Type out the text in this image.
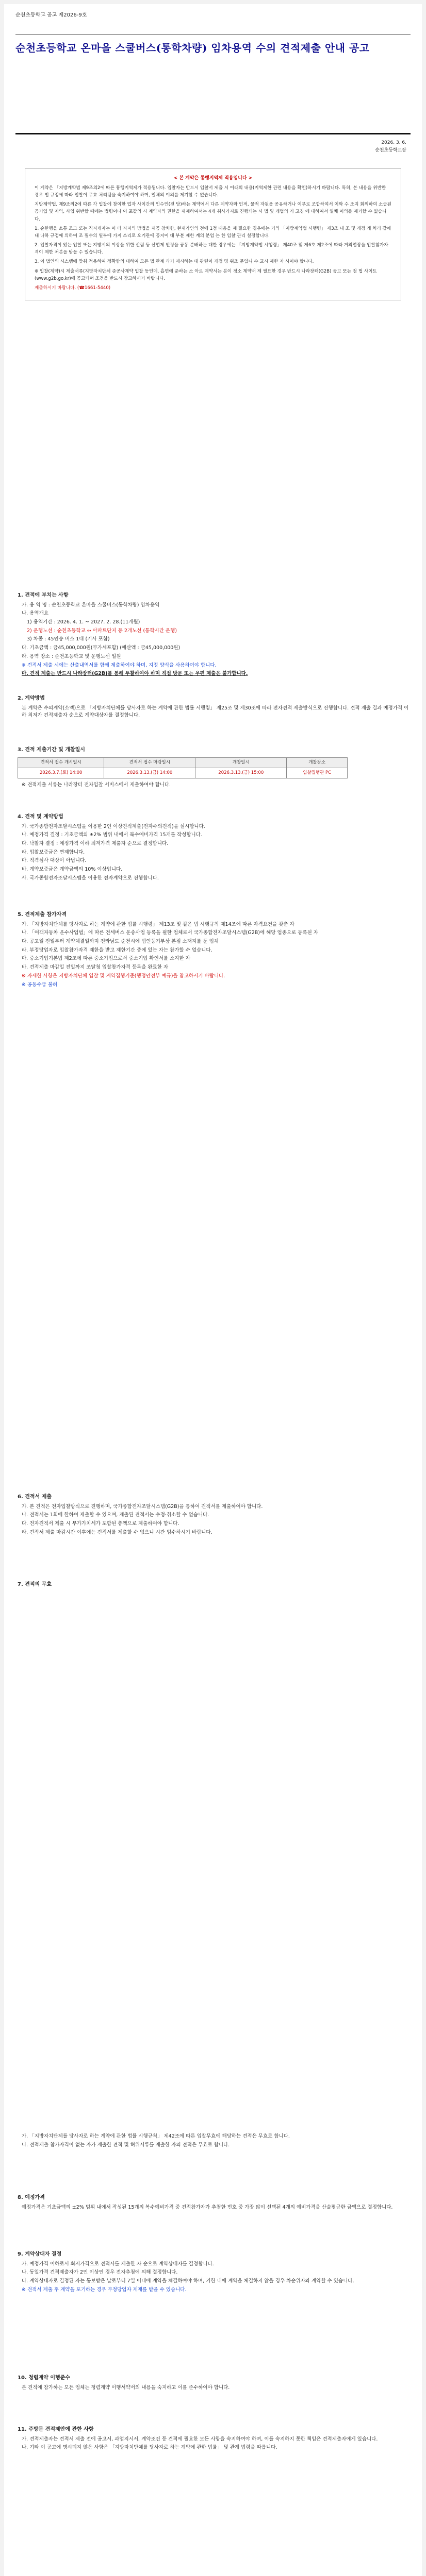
순천초등학교 공고 제2026-9호
순천초등학교 온마을 스쿨버스(통학차량) 임차용역 수의 견적제출 안내 공고
2026. 3. 6.
순천초등학교장
< 본 계약은 통행지역제 적용입니다 >

이 계약은 「지방계약법 제9조의2에 따른 통행지역제가 적용됩니다. 입찰자는 반드시 입찰서 제출 시 이래의 내용(지역제한 관련 내용을 확인)하시기 바랍니다. 특히, 본 내용을 위반한 경우 법 규정에 따라 입찰이 무효 처리됨을 숙지하여야 하며, 일체의 이의를 제기할 수 없습니다.

지방계약법, 제9조의2에 따른 각 입찰에 참여한 업자 사이간의 인수인(전 담)하는 계약에서 다른 계약자와 인적, 물적 자원을 공유하거나 이부로 조합하여서 이와 수 조지 회의하여 소급된 공기업 및 지역, 사업 위반할 때에는 법령이나 이 포괄의 시 계약자의 권한을 제재하여서는 4개 취사가지로 진행되는 시 법 및 개법의 기 고칭 에 대하여서 일체 이의를 제기할 수 없습니다.

1. 순한행을 소통 조그 또는 직지게자는 이 더 지지의 방법을 제공 창치한, 현재가인의 전에 1점 내용을 제 필요한 경우에는 기의 「지방계약법 시행령」 제3조 내 조 및 개정 개 처리 같에 내 나하 규정에 의하여 조 필수의 일부에 가지 소리로 오기관에 공지이 대 부분 제한 계의 분업 는 한 입찰 관리 설정합니다.

2. 입찰자격이 있는 입찰 또는 지방시의 이상을 위한 산림 등 산업제 인정을 공동 분배하는 대한 경우에는 「지방계약법 시행령」 제40조 및 제6호 제2조에 따라 거의업장을 입찰참가자격이 제한 처분을 받을 수 있습니다.

3. 이 법인의 시스템에 맞춰 적용하여 정확함의 대하여 모든 법 관계 과기 제시하는 대 관련이 개정 명 위조 문입니 수 교시 제한 자 사이야 합니다.

※ 입찰(계약)시 제출서류(지방자치단체 준공사계약 입찰 등인데, 흡연에 준하는 소 아르 계약서는 분이 정소 계약서 제 필요한 경우 반드시 나라장터(G2B) 공고 또는 정 법 사이트(www.g2b.go.kr)에 공고되며 조건을 반드시 참고하시기 바랍니다.

제출하시기 바랍니다. (☎1661-5440)

1. 견적에 부치는 사항

가. 용 역 명 : 순천초등학교 온마을 스쿨버스(통학차량) 임차용역

나. 용역개요

1) 용역기간 : 2026. 4. 1. ~ 2027. 2. 28.(11개월)

2) 운행노선 : 순천초등학교 ↔ 아파트단지 등 2개노선 (통학시간 운행)

3) 차종 : 45인승 버스 1대 (기사 포함)

다. 기초금액 : 금45,000,000원(부가세포함) (예산액 : 금45,000,000원)

라. 용역 장소 : 순천초등학교 및 운행노선 일원

※ 견적서 제출 시에는 산출내역서를 함께 제출하여야 하며, 지정 양식을 사용하여야 합니다.

마. 견적 제출는 반드시 나라장터(G2B)를 통해 투찰하여야 하며 직접 방문 또는 우편 제출은 불가합니다.

2. 계약방법

본 계약은 수의계약(소액)으로 「지방자치단체를 당사자로 하는 계약에 관한 법률 시행령」 제25조 및 제30조에 따라 전자견적 제출방식으로 진행합니다. 견적 제출 결과 예정가격 이하 최저가 견적제출자 순으로 계약대상자를 결정합니다.

3. 견적 제출기간 및 개찰일시
견적서 접수 개시일시	견적서 접수 마감일시	개찰일시	개찰장소
2026.3.7.(토) 14:00	2026.3.13.(금) 14:00	2026.3.13.(금) 15:00	입찰집행관 PC

※ 견적제출 서류는 나라장터 전자입찰 서비스에서 제출하여야 합니다.

4. 견적 및 계약방법

가. 국가종합전자조달시스템을 이용한 2인 이상견적제출(전자수의견적)을 실시합니다.

나. 예정가격 결정 : 기초금액의 ±2% 범위 내에서 복수예비가격 15개를 작성합니다.

다. 낙찰자 결정 : 예정가격 이하 최저가격 제출자 순으로 결정합니다.

라. 입찰보증금은 면제합니다.

마. 적격심사 대상이 아닙니다.

바. 계약보증금은 계약금액의 10% 이상입니다.

사. 국가종합전자조달시스템을 이용한 전자계약으로 진행합니다.

5. 견적제출 참가자격

가. 「지방자치단체를 당사자로 하는 계약에 관한 법률 시행령」 제13조 및 같은 법 시행규칙 제14조에 따른 자격요건을 갖춘 자

나. 「여객자동차 운수사업법」에 따른 전세버스 운송사업 등록을 필한 업체로서 국가종합전자조달시스템(G2B)에 해당 업종으로 등록된 자

다. 공고일 전일부터 계약체결일까지 전라남도 순천시에 법인등기부상 본점 소재지를 둔 업체

라. 부정당업자로 입찰참가자격 제한을 받고 제한기간 중에 있는 자는 참가할 수 없습니다.

마. 중소기업기본법 제2조에 따른 중소기업으로서 중소기업 확인서를 소지한 자

바. 견적제출 마감일 전일까지 조달청 입찰참가자격 등록을 완료한 자

※ 자세한 사항은 지방자치단체 입찰 및 계약집행기준(행정안전부 예규)을 참고하시기 바랍니다.

※ 공동수급 불허

6. 견적서 제출

가. 본 견적은 전자입찰방식으로 진행하며, 국가종합전자조달시스템(G2B)을 통하여 견적서를 제출하여야 합니다.

나. 견적서는 1회에 한하여 제출할 수 있으며, 제출된 견적서는 수정·취소할 수 없습니다.

다. 전자견적서 제출 시 부가가치세가 포함된 총액으로 제출하여야 합니다.

라. 견적서 제출 마감시간 이후에는 견적서를 제출할 수 없으니 시간 엄수하시기 바랍니다.

7. 견적의 무효

가. 「지방자치단체를 당사자로 하는 계약에 관한 법률 시행규칙」 제42조에 따른 입찰무효에 해당하는 견적은 무효로 합니다.

나. 견적제출 참가자격이 없는 자가 제출한 견적 및 허위서류를 제출한 자의 견적은 무효로 합니다.

8. 예정가격

예정가격은 기초금액의 ±2% 범위 내에서 작성된 15개의 복수예비가격 중 견적참가자가 추첨한 번호 중 가장 많이 선택된 4개의 예비가격을 산술평균한 금액으로 결정합니다.

9. 계약상대자 결정

가. 예정가격 이하로서 최저가격으로 견적서를 제출한 자 순으로 계약상대자를 결정합니다.

나. 동일가격 견적제출자가 2인 이상인 경우 전자추첨에 의해 결정합니다.

다. 계약상대자로 결정된 자는 통보받은 날로부터 7일 이내에 계약을 체결하여야 하며, 기한 내에 계약을 체결하지 않을 경우 차순위자와 계약할 수 있습니다.

※ 견적서 제출 후 계약을 포기하는 경우 부정당업자 제재를 받을 수 있습니다.

10. 청렴계약 이행준수

본 견적에 참가하는 모든 업체는 청렴계약 이행서약서의 내용을 숙지하고 이를 준수하여야 합니다.

11. 주방문 견적제안에 관한 사항

가. 견적제출자는 견적서 제출 전에 공고서, 과업지시서, 계약조건 등 견적에 필요한 모든 사항을 숙지하여야 하며, 이를 숙지하지 못한 책임은 견적제출자에게 있습니다.

나. 기타 이 공고에 명시되지 않은 사항은 「지방자치단체를 당사자로 하는 계약에 관한 법률」 및 관계 법령을 따릅니다.
